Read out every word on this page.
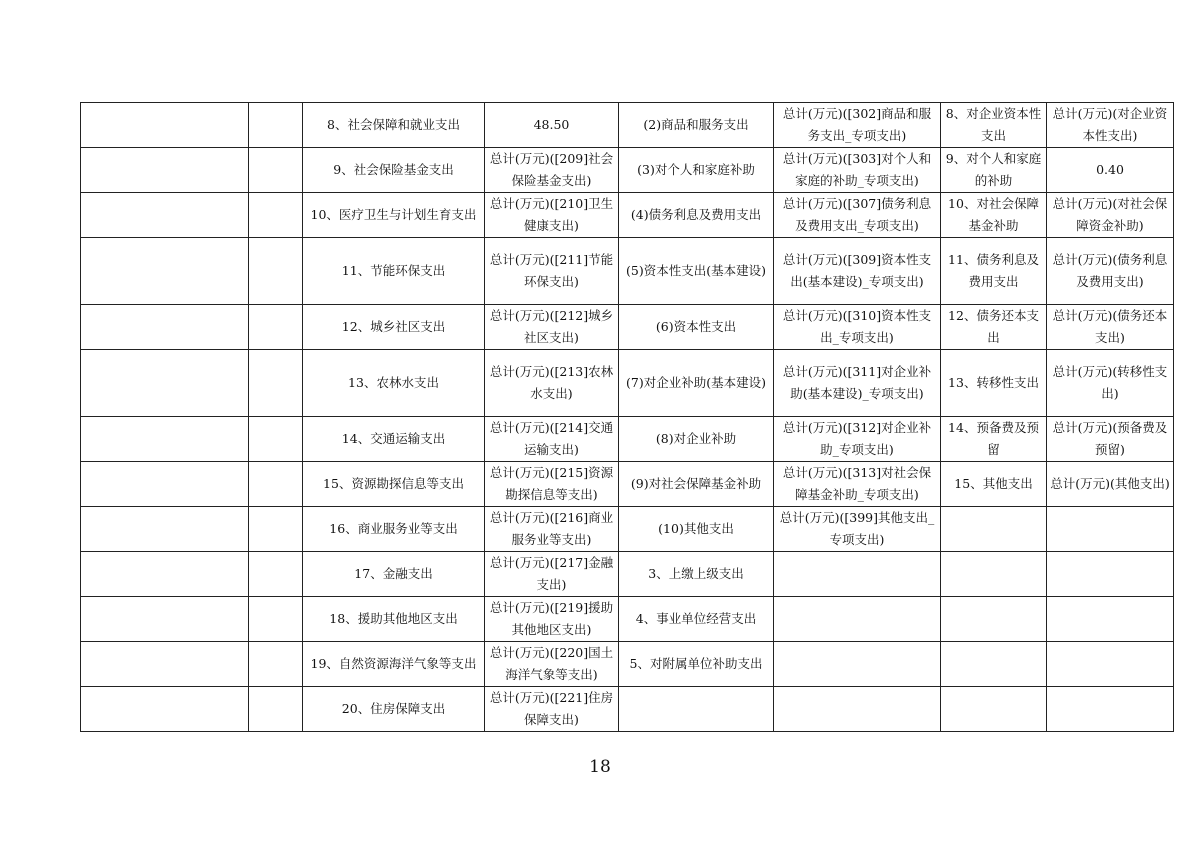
		8、社会保障和就业支出	48.50	(2)商品和服务支出	总计(万元)([302]商品和服务支出_专项支出)	8、对企业资本性支出	总计(万元)(对企业资本性支出)
		9、社会保险基金支出	总计(万元)([209]社会保险基金支出)	(3)对个人和家庭补助	总计(万元)([303]对个人和家庭的补助_专项支出)	9、对个人和家庭的补助	0.40
		10、医疗卫生与计划生育支出	总计(万元)([210]卫生健康支出)	(4)债务利息及费用支出	总计(万元)([307]债务利息及费用支出_专项支出)	10、对社会保障基金补助	总计(万元)(对社会保障资金补助)
		11、节能环保支出	总计(万元)([211]节能环保支出)	(5)资本性支出(基本建设)	总计(万元)([309]资本性支出(基本建设)_专项支出)	11、债务利息及费用支出	总计(万元)(债务利息及费用支出)
		12、城乡社区支出	总计(万元)([212]城乡社区支出)	(6)资本性支出	总计(万元)([310]资本性支出_专项支出)	12、债务还本支出	总计(万元)(债务还本支出)
		13、农林水支出	总计(万元)([213]农林水支出)	(7)对企业补助(基本建设)	总计(万元)([311]对企业补助(基本建设)_专项支出)	13、转移性支出	总计(万元)(转移性支出)
		14、交通运输支出	总计(万元)([214]交通运输支出)	(8)对企业补助	总计(万元)([312]对企业补助_专项支出)	14、预备费及预留	总计(万元)(预备费及预留)
		15、资源勘探信息等支出	总计(万元)([215]资源勘探信息等支出)	(9)对社会保障基金补助	总计(万元)([313]对社会保障基金补助_专项支出)	15、其他支出	总计(万元)(其他支出)
		16、商业服务业等支出	总计(万元)([216]商业服务业等支出)	(10)其他支出	总计(万元)([399]其他支出_专项支出)		
		17、金融支出	总计(万元)([217]金融支出)	3、上缴上级支出			
		18、援助其他地区支出	总计(万元)([219]援助其他地区支出)	4、事业单位经营支出			
		19、自然资源海洋气象等支出	总计(万元)([220]国土海洋气象等支出)	5、对附属单位补助支出			
		20、住房保障支出	总计(万元)([221]住房保障支出)				
18
